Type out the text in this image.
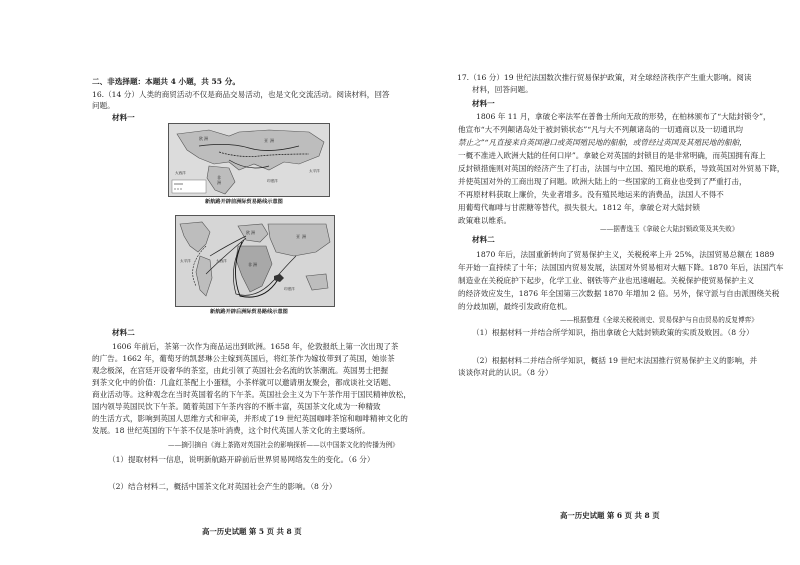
二、非选择题：本题共 4 小题，共 55 分。
16.（14 分）人类的商贸活动不仅是商品交易活动，也是文化交流活动。阅读材料，回答
问题。
材料一
欧 洲
非
洲
亚 洲
大西洋	太平洋
印度洋
新航路开辟前洲际贸易路线示意图
欧 洲
非 洲
亚 洲
大西洋
太平洋
印度洋
新航路开辟后洲际贸易路线示意图
材料二
1606 年前后，茶第一次作为商品运出到欧洲。1658 年，伦敦报纸上第一次出现了茶
的广告。1662 年，葡萄牙的凯瑟琳公主嫁到英国后，将红茶作为嫁妆带到了英国，她崇茶
观念极深，在宫廷开设奢华的茶室，由此引领了英国社会名流的饮茶潮流。英国男士把握
到茶文化中的价值：几盒红茶配上小蛋糕，小茶样就可以邀请朋友聚会，都成谈社交话题、
商业活动等。这种观念在当时英国着名的下午茶。英国社会主义为下午茶作用于国民精神放松，
国内领导英国民饮下午茶。随着英国下午茶内容的不断丰富，英国茶文化成为一种精致
的生活方式，影响到英国人思维方式和审美，并形成了19 世纪英国咖啡茶馆和咖啡精神文化的
发展。18 世纪英国的下午茶不仅是茶叶消费，这个时代英国人茶文化的主要场所。
——摘引摘自《海上茶路对英国社会的影响探析——以中国茶文化的传播为例》
（1）提取材料一信息，说明新航路开辟前后世界贸易网络发生的变化。（6 分）
（2）结合材料二，概括中国茶文化对英国社会产生的影响。（8 分）
高一历史试题 第 5 页 共 8 页
17.（16 分）19 世纪法国数次推行贸易保护政策，对全球经济秩序产生重大影响。阅读
材料，回答问题。
材料一
1806 年 11 月，拿破仑率法军在普鲁士所向无敌的形势，在柏林颁布了“大陆封锁令”，
他宣布“大不列颠诸岛处于被封锁状态”“凡与大不列颠诸岛的一切通商以及一切通讯均
禁止之”“凡直接来自英国港口或英国殖民地的船舶，或曾经过英国及其殖民地的船舶，
一概不准进入欧洲大陆的任何口岸”。拿破仑对英国的封锁目的是非常明确，而英国拥有海上
反封锁措施则对英国的经济产生了打击，法国与中立国、殖民地的联系，导致英国对外贸易下降，
并使英国对外的工商出现了问题。欧洲大陆上的一些国家的工商业也受到了严重打击，
不再原材料获取上廉价，失业者增多。没有殖民地运来的消费品，法国人不得不
用葡萄代咖啡与甘蔗糖等替代，损失很大。1812 年，拿破仑对大陆封锁
政策难以维系。
——据曹逸玉《拿破仑大陆封锁政策及其失败》
材料二
1870 年后，法国重新转向了贸易保护主义，关税税率上升 25%，法国贸易总额在 1889
年开始一直持续了十年；法国国内贸易发展，法国对外贸易相对大幅下降。1870 年后，法国汽车
制造业在关税庇护下起步，化学工业、钢铁等产业也迅速崛起。关税保护使贸易保护主义
的经济效应发生，1876 年全国第三次数据 1870 年增加 2 倍。另外，保守派与自由派围绕关税
的分歧加剧，最终引发政府危机。
——根据整理《全球关税税则史、贸易保护与自由贸易的反复博弈》
（1）根据材料一并结合所学知识，指出拿破仑大陆封锁政策的实质及败因。（8 分）
（2）根据材料二并结合所学知识，概括 19 世纪末法国推行贸易保护主义的影响，并
谈谈你对此的认识。（8 分）
高一历史试题 第 6 页 共 8 页
